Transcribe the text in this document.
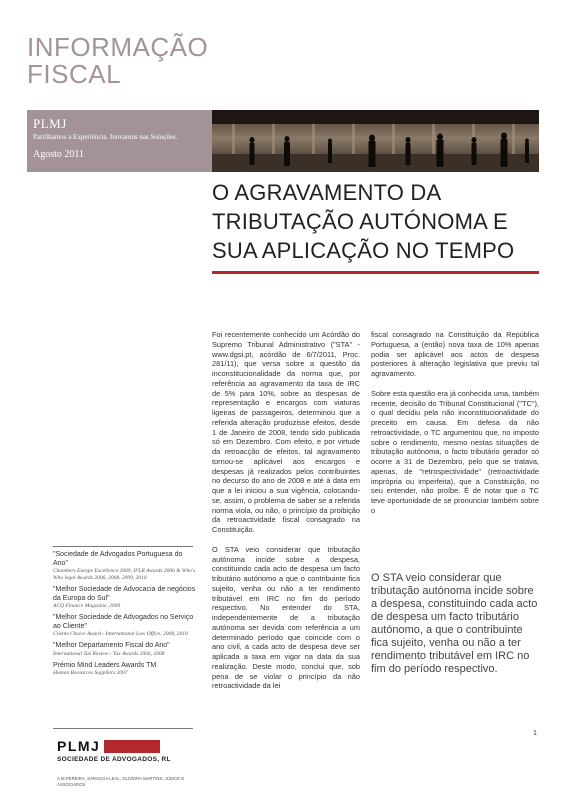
INFORMAÇÃO
FISCAL
PLMJ
Partilhamos a Experiência. Inovamos nas Soluções.
Agosto 2011
O AGRAVAMENTO DA
TRIBUTAÇÃO AUTÓNOMA E
SUA APLICAÇÃO NO TEMPO

Foi recentemente conhecido um Acórdão do Supremo Tribunal Administrativo ("STA" - www.dgsi.pt, acórdão de 6/7/2011, Proc. 281/11), que versa sobre a questão da inconstitucionalidade da norma que, por referência ao agravamento da taxa de IRC de 5% para 10%, sobre as despesas de representação e encargos com viaturas ligeiras de passageiros, determinou que a referida alteração produzisse efeitos, desde 1 de Janeiro de 2008, tendo sido publicada só em Dezembro. Com efeito, e por virtude da retroacção de efeitos, tal agravamento tornou-se aplicável aos encargos e despesas já realizados pelos contribuintes no decurso do ano de 2008 e até à data em que a lei iniciou a sua vigência, colocando-se, assim, o problema de saber se a referida norma viola, ou não, o princípio da proibição da retroactividade fiscal consagrado na Constituição.

O STA veio considerar que tributação autónoma incide sobre a despesa, constituindo cada acto de despesa um facto tributário autónomo a que o contribuinte fica sujeito, venha ou não a ter rendimento tributável em IRC no fim do período respectivo. No entender do STA, independentemente de a tributação autónoma ser devida com referência a um determinado período que coincide com o ano civil, a cada acto de despesa deve ser aplicada a taxa em vigor na data da sua realização. Deste modo, conclui que, sob pena de se violar o princípio da não retroactividade da lei

fiscal consagrado na Constituição da República Portuguesa, a (então) nova taxa de 10% apenas podia ser aplicável aos actos de despesa posteriores à alteração legislativa que previu tal agravamento.

Sobre esta questão era já conhecida uma, também recente, decisão do Tribunal Constitucional ("TC"), o qual decidiu pela não inconstitucionalidade do preceito em causa. Em defesa da não retroactividade, o TC argumentou que, no imposto sobre o rendimento, mesmo nestas situações de tributação autónoma, o facto tributário gerador só ocorre a 31 de Dezembro, pelo que se tratava, apenas, de "retrospectividade" (retroactividade imprópria ou imperfeita), que a Constituição, no seu entender, não proíbe. É de notar que o TC teve oportunidade de se pronunciar também sobre o

O STA veio considerar que tributação autónoma incide sobre a despesa, constituindo cada acto de despesa um facto tributário autónomo, a que o contribuinte fica sujeito, venha ou não a ter rendimento tributável em IRC no fim do período respectivo.
1
"Sociedade de Advogados Portuguesa do Ano"
Chambers Europe Excellence 2009, IFLR Awards 2006 & Who's Who legal Awards 2006, 2008, 2009, 2010
"Melhor Sociedade de Advocacia de negócios da Europa do Sul"
ACQ Finance Magazine, 2009
"Melhor Sociedade de Advogados no Serviço ao Cliente"
Clients Choice Award - International Law Office, 2008, 2010
"Melhor Departamento Fiscal do Ano"
International Tax Review - Tax Awards 2006, 2008
Prémio Mind Leaders Awards TM
Human Resources Suppliers 2007
PLMJ
SOCIEDADE DE ADVOGADOS, RL
A.M.PEREIRA, SÁRAGGA LEAL, OLIVEIRA MARTINS, JÚDICE E ASSOCIADOS
